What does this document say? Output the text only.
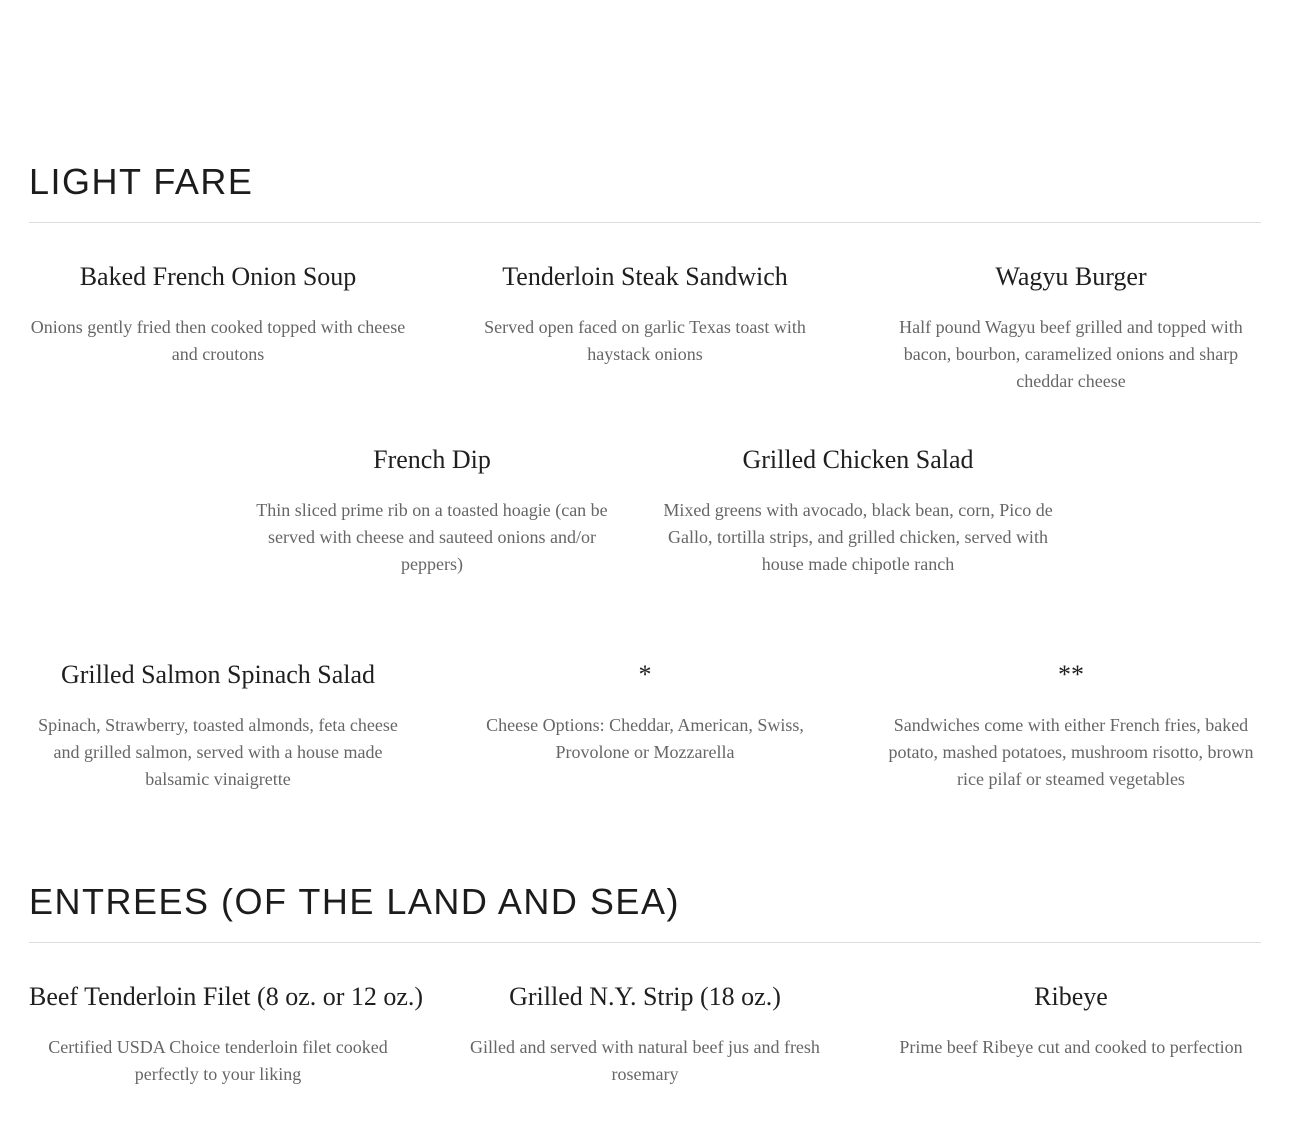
LIGHT FARE
Baked French Onion Soup

Onions gently fried then cooked topped with cheese and croutons

Tenderloin Steak Sandwich

Served open faced on garlic Texas toast with haystack onions

Wagyu Burger

Half pound Wagyu beef grilled and topped with bacon, bourbon, caramelized onions and sharp cheddar cheese

French Dip

Thin sliced prime rib on a toasted hoagie (can be served with cheese and sauteed onions and/or peppers)

Grilled Chicken Salad

Mixed greens with avocado, black bean, corn, Pico de Gallo, tortilla strips, and grilled chicken, served with house made chipotle ranch

Grilled Salmon Spinach Salad

Spinach, Strawberry, toasted almonds, feta cheese and grilled salmon, served with a house made balsamic vinaigrette

*

Cheese Options: Cheddar, American, Swiss, Provolone or Mozzarella

**

Sandwiches come with either French fries, baked potato, mashed potatoes, mushroom risotto, brown rice pilaf or steamed vegetables

ENTREES (OF THE LAND AND SEA)
Beef Tenderloin Filet (8 oz. or 12 oz.)

Certified USDA Choice tenderloin filet cooked perfectly to your liking

Grilled N.Y. Strip (18 oz.)

Gilled and served with natural beef jus and fresh rosemary

Ribeye

Prime beef Ribeye cut and cooked to perfection
